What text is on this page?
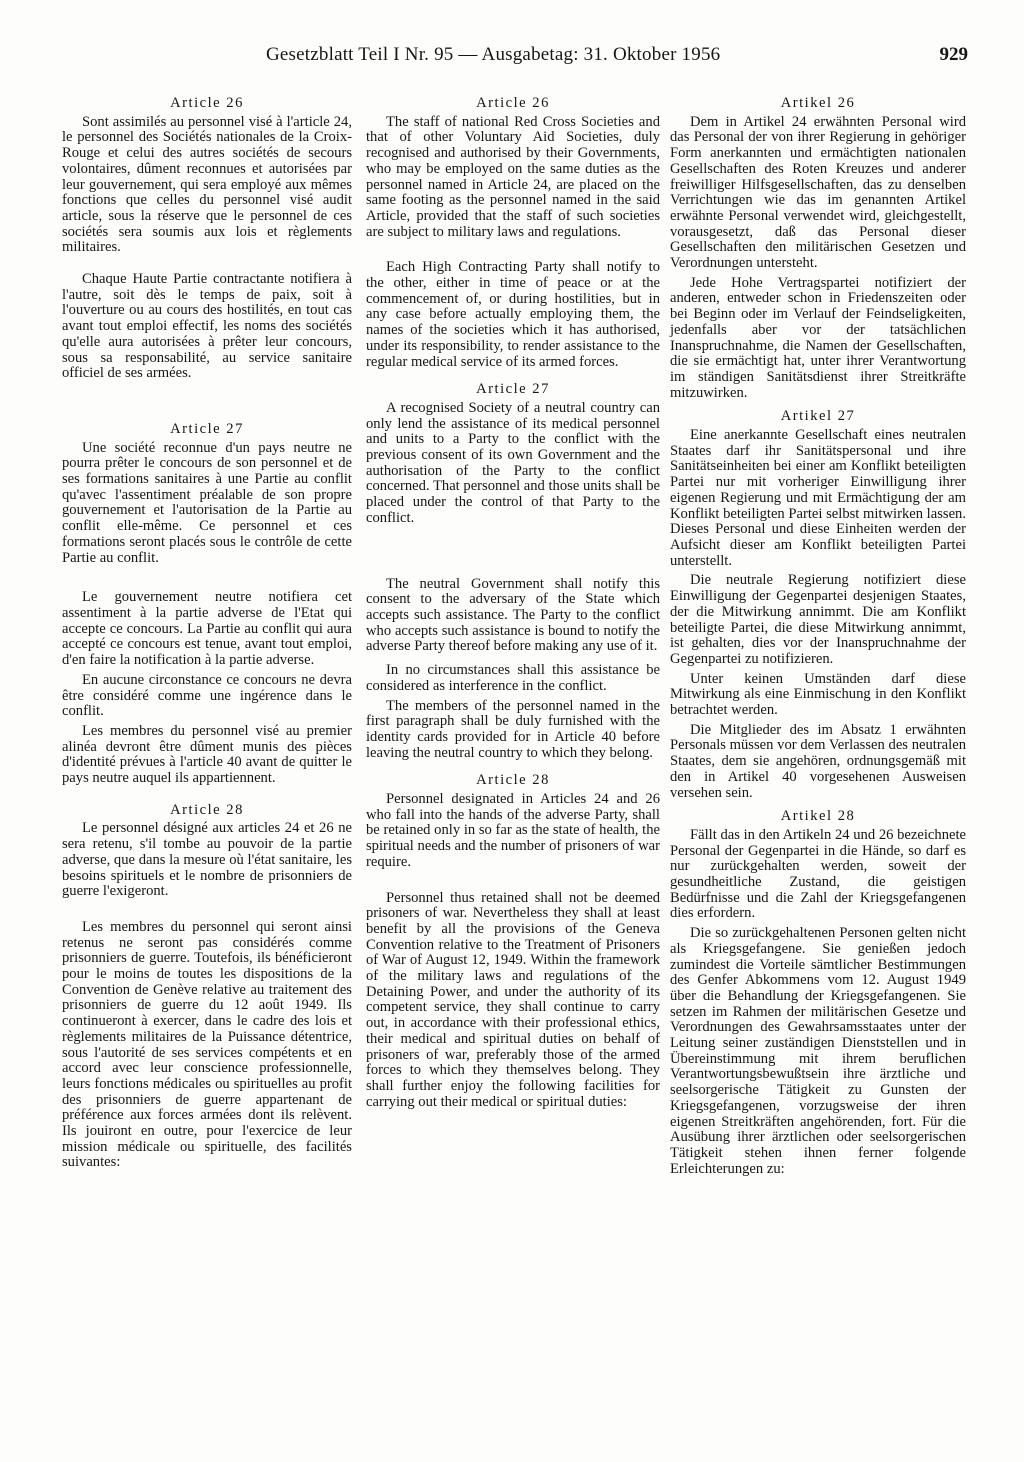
Gesetzblatt Teil I Nr. 95 — Ausgabetag: 31. Oktober 1956	929
Article 26

Sont assimilés au personnel visé à l'article 24, le personnel des Sociétés nationales de la Croix-Rouge et celui des autres sociétés de secours volontaires, dûment reconnues et autorisées par leur gouvernement, qui sera employé aux mêmes fonctions que celles du personnel visé audit article, sous la réserve que le personnel de ces sociétés sera soumis aux lois et règlements militaires.

Chaque Haute Partie contractante notifiera à l'autre, soit dès le temps de paix, soit à l'ouverture ou au cours des hostilités, en tout cas avant tout emploi effectif, les noms des sociétés qu'elle aura autorisées à prêter leur concours, sous sa responsabilité, au service sanitaire officiel de ses armées.

Article 27

Une société reconnue d'un pays neutre ne pourra prêter le concours de son personnel et de ses formations sanitaires à une Partie au conflit qu'avec l'assentiment préalable de son propre gouvernement et l'autorisation de la Partie au conflit elle-même. Ce personnel et ces formations seront placés sous le contrôle de cette Partie au conflit.

Le gouvernement neutre notifiera cet assentiment à la partie adverse de l'Etat qui accepte ce concours. La Partie au conflit qui aura accepté ce concours est tenue, avant tout emploi, d'en faire la notification à la partie adverse.

En aucune circonstance ce concours ne devra être considéré comme une ingérence dans le conflit.

Les membres du personnel visé au premier alinéa devront être dûment munis des pièces d'identité prévues à l'article 40 avant de quitter le pays neutre auquel ils appartiennent.

Article 28

Le personnel désigné aux articles 24 et 26 ne sera retenu, s'il tombe au pouvoir de la partie adverse, que dans la mesure où l'état sanitaire, les besoins spirituels et le nombre de prisonniers de guerre l'exigeront.

Les membres du personnel qui seront ainsi retenus ne seront pas considérés comme prisonniers de guerre. Toutefois, ils bénéficieront pour le moins de toutes les dispositions de la Convention de Genève relative au traitement des prisonniers de guerre du 12 août 1949. Ils continueront à exercer, dans le cadre des lois et règlements militaires de la Puissance détentrice, sous l'autorité de ses services compétents et en accord avec leur conscience professionnelle, leurs fonctions médicales ou spirituelles au profit des prisonniers de guerre appartenant de préférence aux forces armées dont ils relèvent. Ils jouiront en outre, pour l'exercice de leur mission médicale ou spirituelle, des facilités suivantes:

Article 26

The staff of national Red Cross Societies and that of other Voluntary Aid Societies, duly recognised and authorised by their Governments, who may be employed on the same duties as the personnel named in Article 24, are placed on the same footing as the personnel named in the said Article, provided that the staff of such societies are subject to military laws and regulations.

Each High Contracting Party shall notify to the other, either in time of peace or at the commencement of, or during hostilities, but in any case before actually employing them, the names of the societies which it has authorised, under its responsibility, to render assistance to the regular medical service of its armed forces.

Article 27

A recognised Society of a neutral country can only lend the assistance of its medical personnel and units to a Party to the conflict with the previous consent of its own Government and the authorisation of the Party to the conflict concerned. That personnel and those units shall be placed under the control of that Party to the conflict.

The neutral Government shall notify this consent to the adversary of the State which accepts such assistance. The Party to the conflict who accepts such assistance is bound to notify the adverse Party thereof before making any use of it.

In no circumstances shall this assistance be considered as interference in the conflict.

The members of the personnel named in the first paragraph shall be duly furnished with the identity cards provided for in Article 40 before leaving the neutral country to which they belong.

Article 28

Personnel designated in Articles 24 and 26 who fall into the hands of the adverse Party, shall be retained only in so far as the state of health, the spiritual needs and the number of prisoners of war require.

Personnel thus retained shall not be deemed prisoners of war. Nevertheless they shall at least benefit by all the provisions of the Geneva Convention relative to the Treatment of Prisoners of War of August 12, 1949. Within the framework of the military laws and regulations of the Detaining Power, and under the authority of its competent service, they shall continue to carry out, in accordance with their professional ethics, their medical and spiritual duties on behalf of prisoners of war, preferably those of the armed forces to which they themselves belong. They shall further enjoy the following facilities for carrying out their medical or spiritual duties:

Artikel 26

Dem in Artikel 24 erwähnten Personal wird das Personal der von ihrer Regierung in gehöriger Form anerkannten und ermächtigten nationalen Gesellschaften des Roten Kreuzes und anderer freiwilliger Hilfsgesellschaften, das zu denselben Verrichtungen wie das im genannten Artikel erwähnte Personal verwendet wird, gleichgestellt, vorausgesetzt, daß das Personal dieser Gesellschaften den militärischen Gesetzen und Verordnungen untersteht.

Jede Hohe Vertragspartei notifiziert der anderen, entweder schon in Friedenszeiten oder bei Beginn oder im Verlauf der Feindseligkeiten, jedenfalls aber vor der tatsächlichen Inanspruchnahme, die Namen der Gesellschaften, die sie ermächtigt hat, unter ihrer Verantwortung im ständigen Sanitätsdienst ihrer Streitkräfte mitzuwirken.

Artikel 27

Eine anerkannte Gesellschaft eines neutralen Staates darf ihr Sanitätspersonal und ihre Sanitätseinheiten bei einer am Konflikt beteiligten Partei nur mit vorheriger Einwilligung ihrer eigenen Regierung und mit Ermächtigung der am Konflikt beteiligten Partei selbst mitwirken lassen. Dieses Personal und diese Einheiten werden der Aufsicht dieser am Konflikt beteiligten Partei unterstellt.

Die neutrale Regierung notifiziert diese Einwilligung der Gegenpartei desjenigen Staates, der die Mitwirkung annimmt. Die am Konflikt beteiligte Partei, die diese Mitwirkung annimmt, ist gehalten, dies vor der Inanspruchnahme der Gegenpartei zu notifizieren.

Unter keinen Umständen darf diese Mitwirkung als eine Einmischung in den Konflikt betrachtet werden.

Die Mitglieder des im Absatz 1 erwähnten Personals müssen vor dem Verlassen des neutralen Staates, dem sie angehören, ordnungsgemäß mit den in Artikel 40 vorgesehenen Ausweisen versehen sein.

Artikel 28

Fällt das in den Artikeln 24 und 26 bezeichnete Personal der Gegenpartei in die Hände, so darf es nur zurückgehalten werden, soweit der gesundheitliche Zustand, die geistigen Bedürfnisse und die Zahl der Kriegsgefangenen dies erfordern.

Die so zurückgehaltenen Personen gelten nicht als Kriegsgefangene. Sie genießen jedoch zumindest die Vorteile sämtlicher Bestimmungen des Genfer Abkommens vom 12. August 1949 über die Behandlung der Kriegsgefangenen. Sie setzen im Rahmen der militärischen Gesetze und Verordnungen des Gewahrsamsstaates unter der Leitung seiner zuständigen Dienststellen und in Übereinstimmung mit ihrem beruflichen Verantwortungsbewußtsein ihre ärztliche und seelsorgerische Tätigkeit zu Gunsten der Kriegsgefangenen, vorzugsweise der ihren eigenen Streitkräften angehörenden, fort. Für die Ausübung ihrer ärztlichen oder seelsorgerischen Tätigkeit stehen ihnen ferner folgende Erleichterungen zu:
